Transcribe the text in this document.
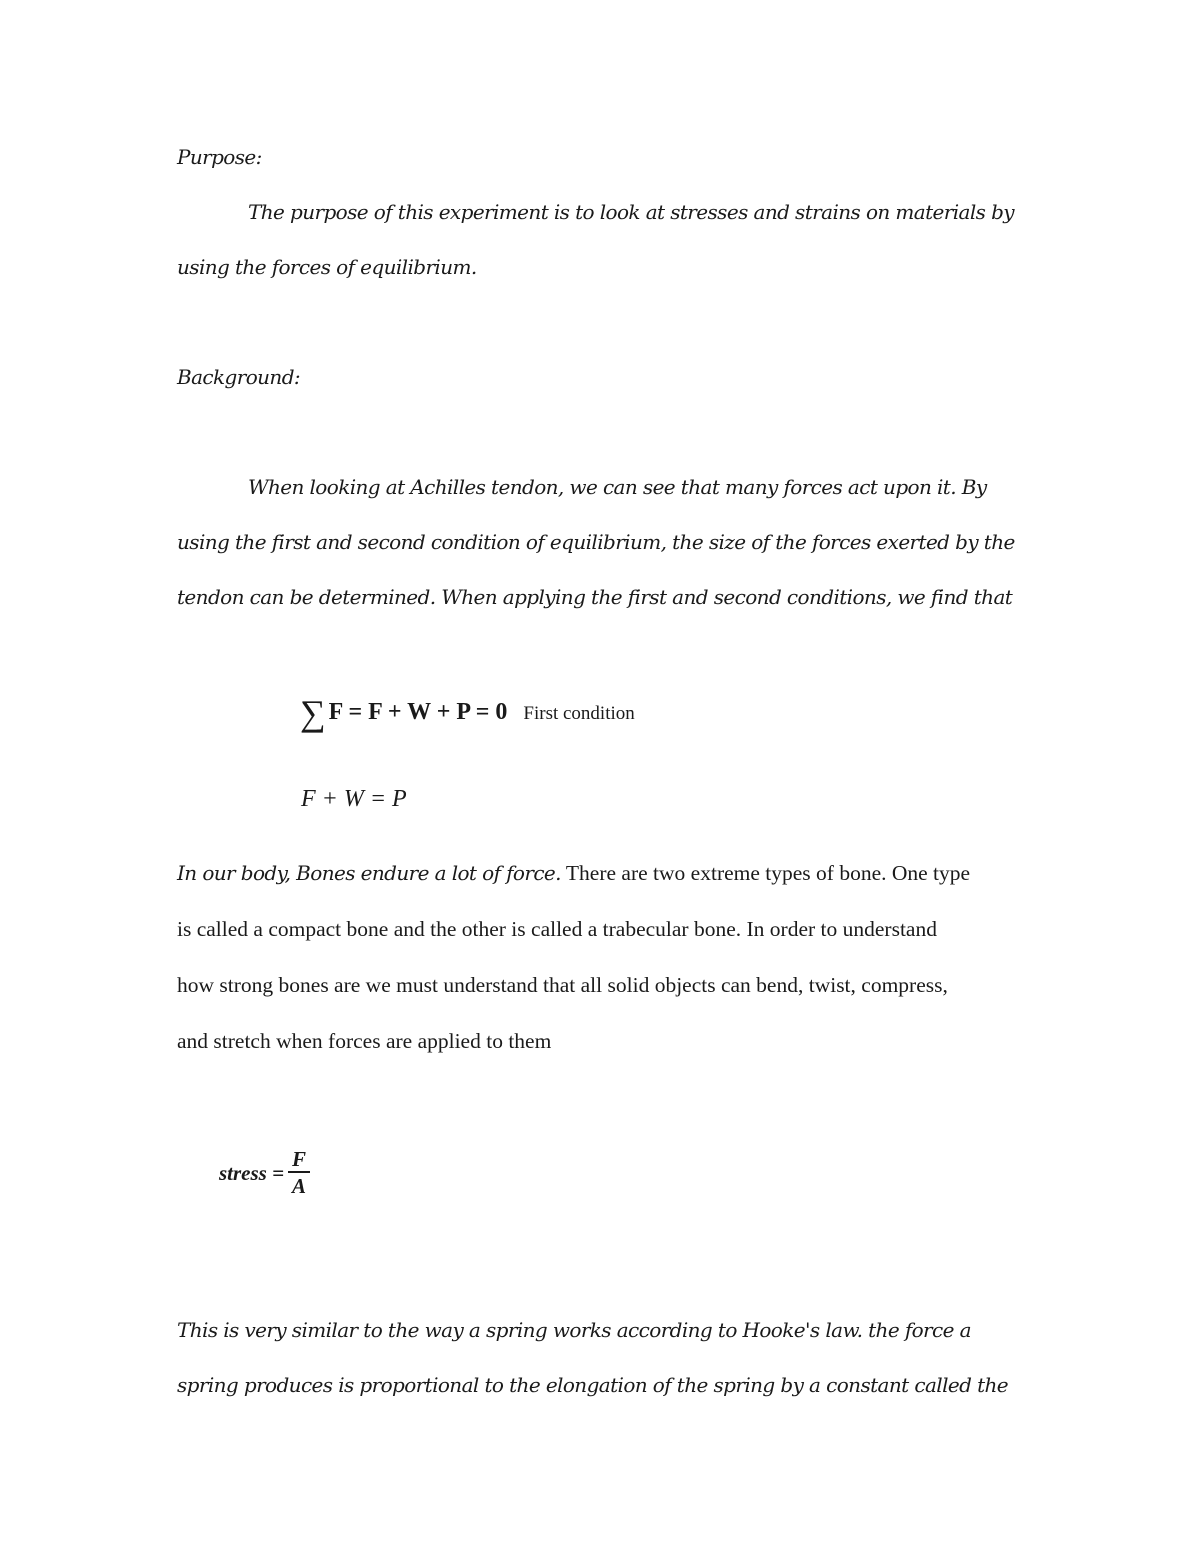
Purpose:
The purpose of this experiment is to look at stresses and strains on materials by
using the forces of equilibrium.
Background:
When looking at Achilles tendon, we can see that many forces act upon it. By
using the first and second condition of equilibrium, the size of the forces exerted by the
tendon can be determined. When applying the first and second conditions, we find that
∑ F = F + W + P = 0 First condition
F + W = P
In our body, Bones endure a lot of force. There are two extreme types of bone. One type
is called a compact bone and the other is called a trabecular bone. In order to understand
how strong bones are we must understand that all solid objects can bend, twist, compress,
and stretch when forces are applied to them
stress = $\frac{F}{A}$
This is very similar to the way a spring works according to Hooke's law. the force a
spring produces is proportional to the elongation of the spring by a constant called the
